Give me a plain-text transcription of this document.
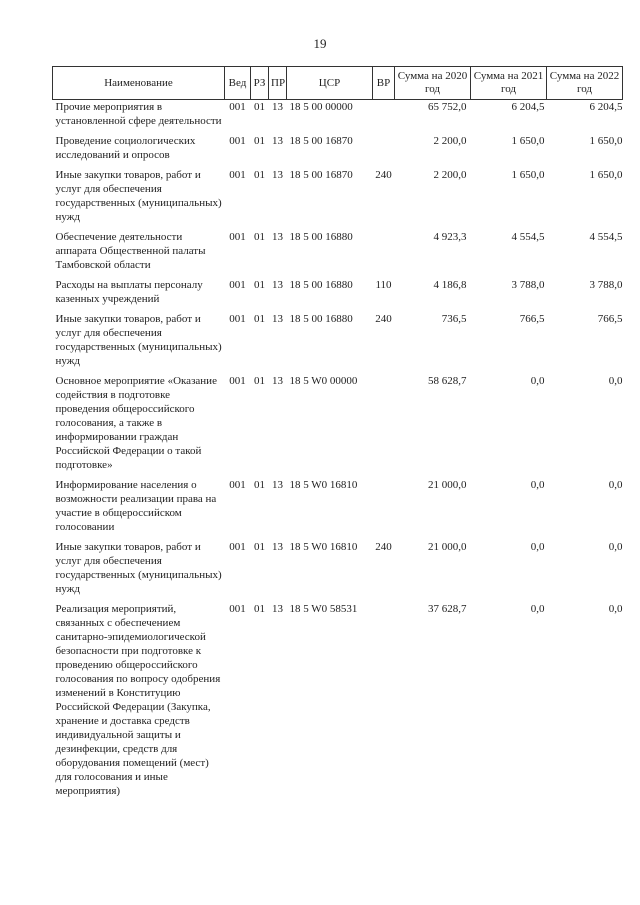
19
Наименование	Вед	РЗ	ПР	ЦСР	ВР	Сумма на 2020 год	Сумма на 2021 год	Сумма на 2022 год
Прочие мероприятия в установленной сфере деятельности	001	01	13	18 5 00 00000		65 752,0	6 204,5	6 204,5
Проведение социологических исследований и опросов	001	01	13	18 5 00 16870		2 200,0	1 650,0	1 650,0
Иные закупки товаров, работ и услуг для обеспечения государственных (муниципальных) нужд	001	01	13	18 5 00 16870	240	2 200,0	1 650,0	1 650,0
Обеспечение деятельности аппарата Общественной палаты Тамбовской области	001	01	13	18 5 00 16880		4 923,3	4 554,5	4 554,5
Расходы на выплаты персоналу казенных учреждений	001	01	13	18 5 00 16880	110	4 186,8	3 788,0	3 788,0
Иные закупки товаров, работ и услуг для обеспечения государственных (муниципальных) нужд	001	01	13	18 5 00 16880	240	736,5	766,5	766,5
Основное мероприятие «Оказание содействия в подготовке проведения общероссийского голосования, а также в информировании граждан Российской Федерации о такой подготовке»	001	01	13	18 5 W0 00000		58 628,7	0,0	0,0
Информирование населения о возможности реализации права на участие в общероссийском голосовании	001	01	13	18 5 W0 16810		21 000,0	0,0	0,0
Иные закупки товаров, работ и услуг для обеспечения государственных (муниципальных) нужд	001	01	13	18 5 W0 16810	240	21 000,0	0,0	0,0
Реализация мероприятий, связанных с обеспечением санитарно-эпидемиологической безопасности при подготовке к проведению общероссийского голосования по вопросу одобрения изменений в Конституцию Российской Федерации (Закупка, хранение и доставка средств индивидуальной защиты и дезинфекции, средств для оборудования помещений (мест) для голосования и иные мероприятия)	001	01	13	18 5 W0 58531		37 628,7	0,0	0,0
